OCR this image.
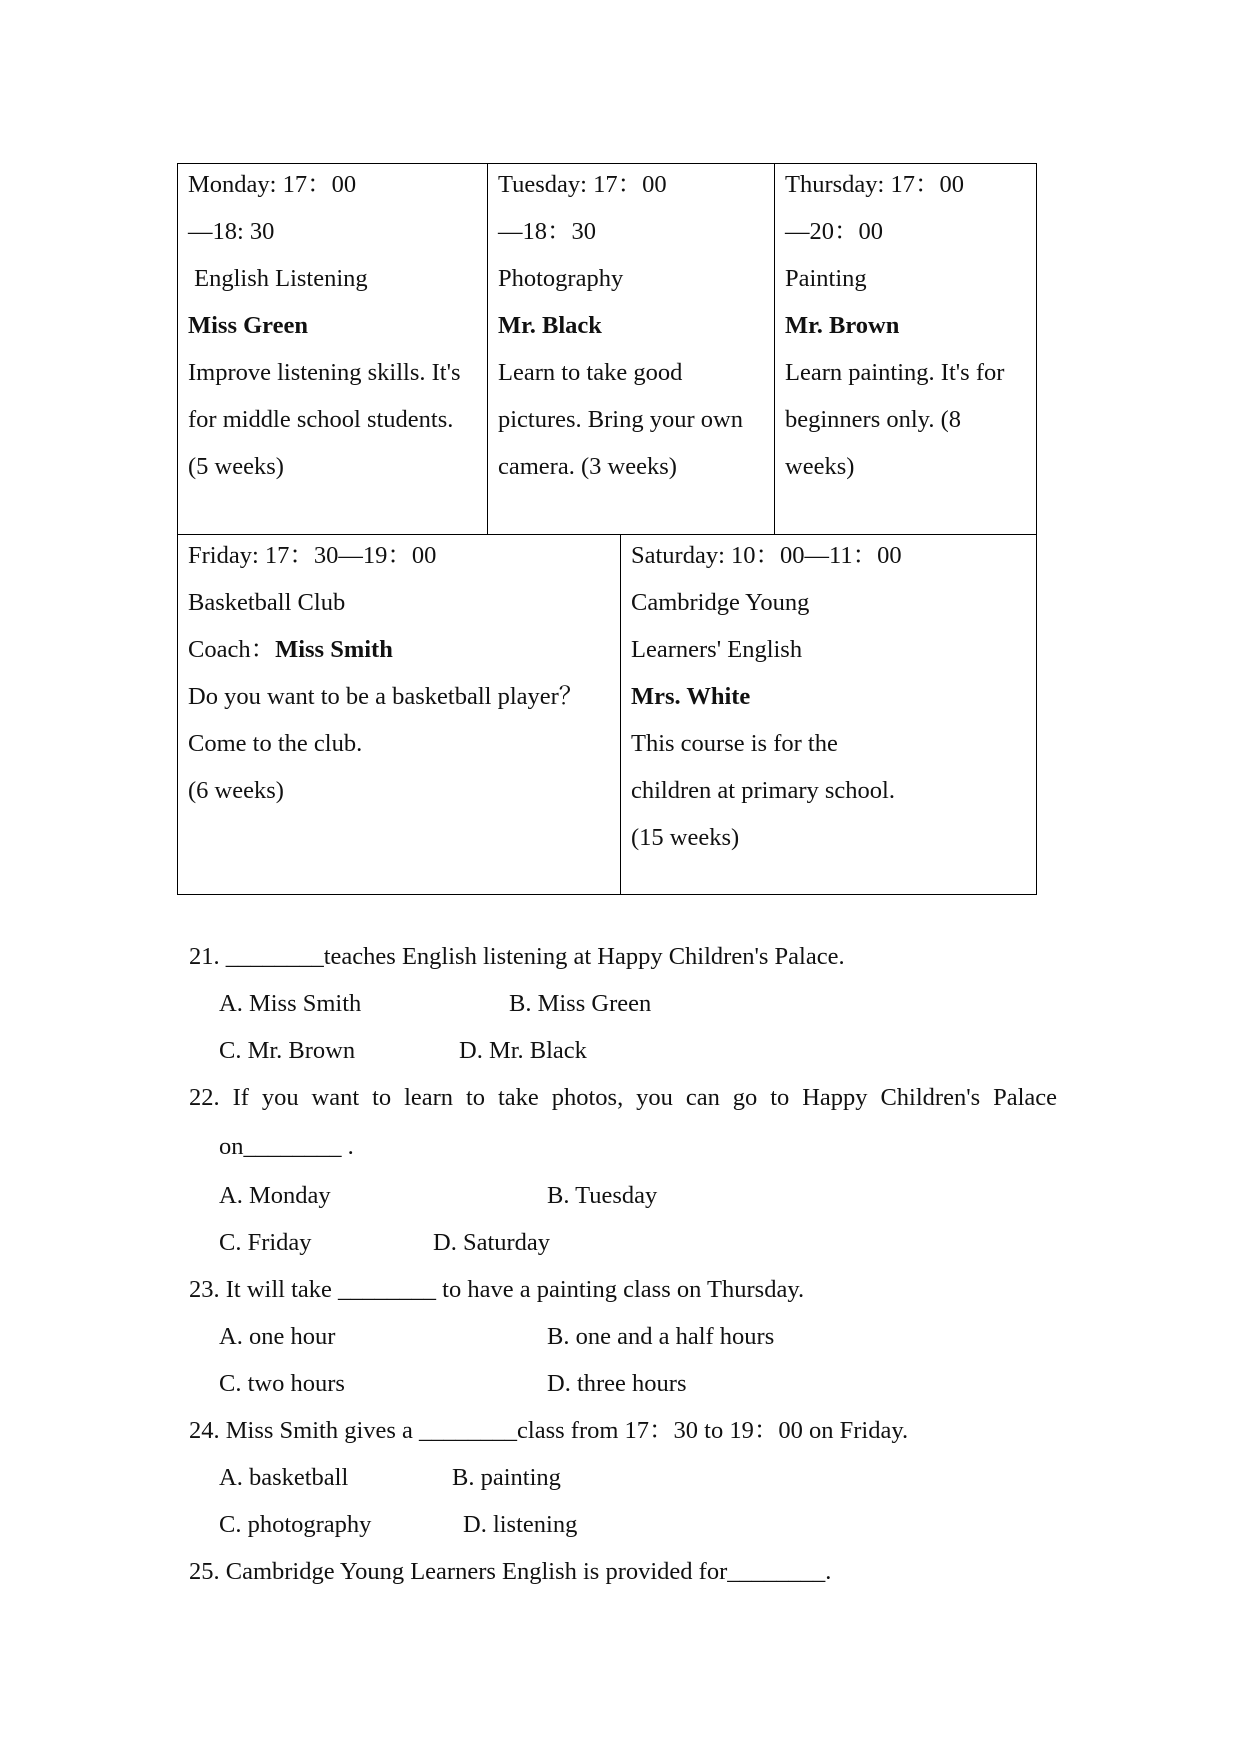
Monday: 17：00
—18: 30
English Listening
Miss Green
Improve listening skills. It's
for middle school students.
(5 weeks)
Tuesday: 17：00
—18：30
Photography
Mr. Black
Learn to take good
pictures. Bring your own
camera. (3 weeks)
Thursday: 17：00
—20：00
Painting
Mr. Brown
Learn painting. It's for
beginners only. (8
weeks)
Friday: 17：30—19：00
Basketball Club
Coach：Miss Smith
Do you want to be a basketball player？
Come to the club.
(6 weeks)
Saturday: 10：00—11：00
Cambridge Young
Learners' English
Mrs. White
This course is for the
children at primary school.
(15 weeks)
21. ________teaches English listening at Happy Children's Palace.
A. Miss Smith	B. Miss Green
C. Mr. Brown	D. Mr. Black
22. If you want to learn to take photos, you can go to Happy Children's Palace
on________ .
A. Monday	B. Tuesday
C. Friday	D. Saturday
23. It will take ________ to have a painting class on Thursday.
A. one hour	B. one and a half hours
C. two hours	D. three hours
24. Miss Smith gives a ________class from 17：30 to 19：00 on Friday.
A. basketball	B. painting
C. photography	D. listening
25. Cambridge Young Learners English is provided for________.
